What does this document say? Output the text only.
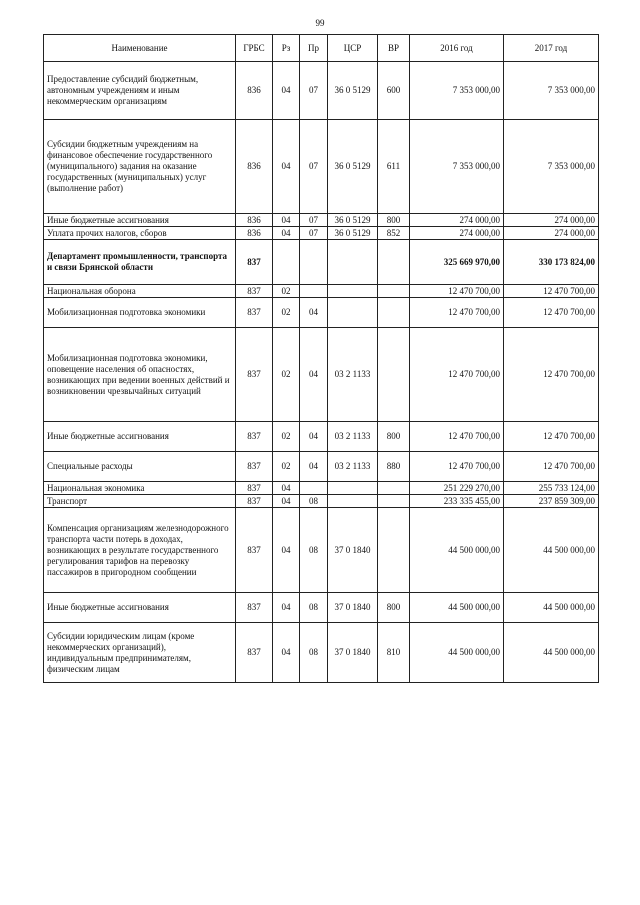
99
Наименование	ГРБС	Рз	Пр	ЦСР	ВР	2016 год	2017 год
Предоставление субсидий бюджетным, автономным учреждениям и иным некоммерческим организациям	836	04	07	36 0 5129	600	7 353 000,00	7 353 000,00
Субсидии бюджетным учреждениям на финансовое обеспечение государственного (муниципального) задания на оказание государственных (муниципальных) услуг (выполнение работ)	836	04	07	36 0 5129	611	7 353 000,00	7 353 000,00
Иные бюджетные ассигнования	836	04	07	36 0 5129	800	274 000,00	274 000,00
Уплата прочих налогов, сборов	836	04	07	36 0 5129	852	274 000,00	274 000,00
Департамент промышленности, транспорта и связи Брянской области	837					325 669 970,00	330 173 824,00
Национальная оборона	837	02				12 470 700,00	12 470 700,00
Мобилизационная подготовка экономики	837	02	04			12 470 700,00	12 470 700,00
Мобилизационная подготовка экономики, оповещение населения об опасностях, возникающих при ведении военных действий и возникновении чрезвычайных ситуаций	837	02	04	03 2 1133		12 470 700,00	12 470 700,00
Иные бюджетные ассигнования	837	02	04	03 2 1133	800	12 470 700,00	12 470 700,00
Специальные расходы	837	02	04	03 2 1133	880	12 470 700,00	12 470 700,00
Национальная экономика	837	04				251 229 270,00	255 733 124,00
Транспорт	837	04	08			233 335 455,00	237 859 309,00
Компенсация организациям железнодорожного транспорта части потерь в доходах, возникающих в результате государственного регулирования тарифов на перевозку пассажиров в пригородном сообщении	837	04	08	37 0 1840		44 500 000,00	44 500 000,00
Иные бюджетные ассигнования	837	04	08	37 0 1840	800	44 500 000,00	44 500 000,00
Субсидии юридическим лицам (кроме некоммерческих организаций), индивидуальным предпринимателям, физическим лицам	837	04	08	37 0 1840	810	44 500 000,00	44 500 000,00
